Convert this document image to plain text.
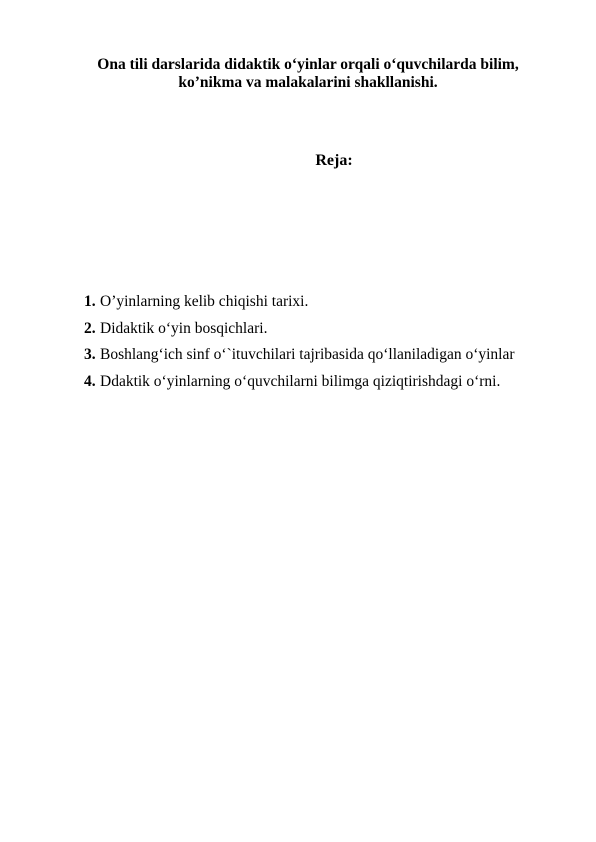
Ona tili darslarida didaktik o‘yinlar orqali o‘quvchilarda bilim,
ko’nikma va malakalarini shakllanishi.
Reja:
1. O’yinlarning kelib chiqishi tarixi.
2. Didaktik o‘yin bosqichlari.
3. Boshlang‘ich sinf o‘`ituvchilari tajribasida qo‘llaniladigan o‘yinlar
4. Ddaktik o‘yinlarning o‘quvchilarni bilimga qiziqtirishdagi o‘rni.
